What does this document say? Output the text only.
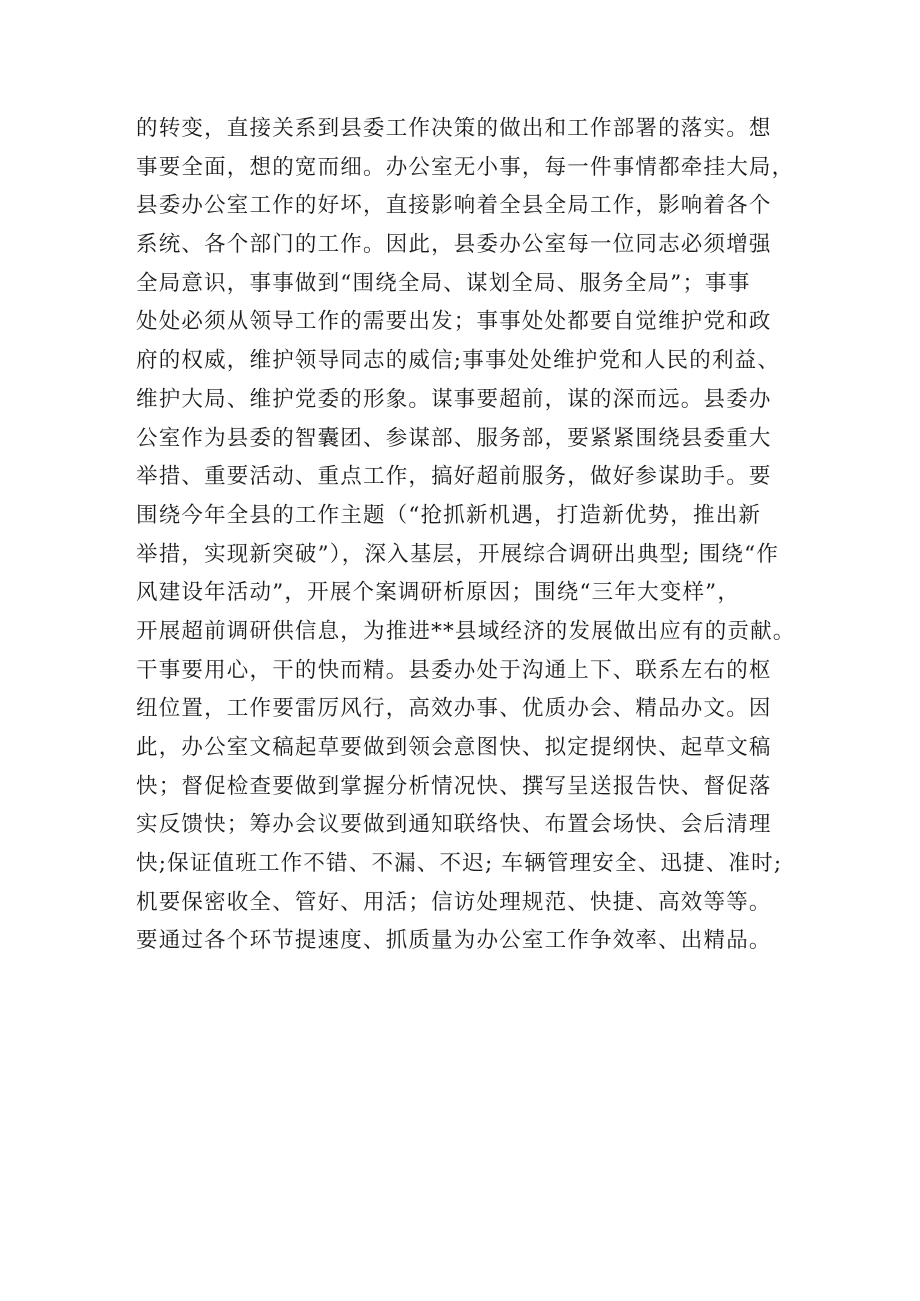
的转变，直接关系到县委工作决策的做出和工作部署的落实。想
事要全面，想的宽而细。办公室无小事，每一件事情都牵挂大局，
县委办公室工作的好坏，直接影响着全县全局工作，影响着各个
系统、各个部门的工作。因此，县委办公室每一位同志必须增强
全局意识，事事做到“围绕全局、谋划全局、服务全局”；事事
处处必须从领导工作的需要出发；事事处处都要自觉维护党和政
府的权威，维护领导同志的威信;事事处处维护党和人民的利益、
维护大局、维护党委的形象。谋事要超前，谋的深而远。县委办
公室作为县委的智囊团、参谋部、服务部，要紧紧围绕县委重大
举措、重要活动、重点工作，搞好超前服务，做好参谋助手。要
围绕今年全县的工作主题（“抢抓新机遇，打造新优势，推出新
举措，实现新突破”），深入基层，开展综合调研出典型; 围绕“作
风建设年活动”，开展个案调研析原因；围绕“三年大变样”，
开展超前调研供信息，为推进**县域经济的发展做出应有的贡献。
干事要用心，干的快而精。县委办处于沟通上下、联系左右的枢
纽位置，工作要雷厉风行，高效办事、优质办会、精品办文。因
此，办公室文稿起草要做到领会意图快、拟定提纲快、起草文稿
快；督促检查要做到掌握分析情况快、撰写呈送报告快、督促落
实反馈快；筹办会议要做到通知联络快、布置会场快、会后清理
快;保证值班工作不错、不漏、不迟; 车辆管理安全、迅捷、准时;
机要保密收全、管好、用活；信访处理规范、快捷、高效等等。
要通过各个环节提速度、抓质量为办公室工作争效率、出精品。
